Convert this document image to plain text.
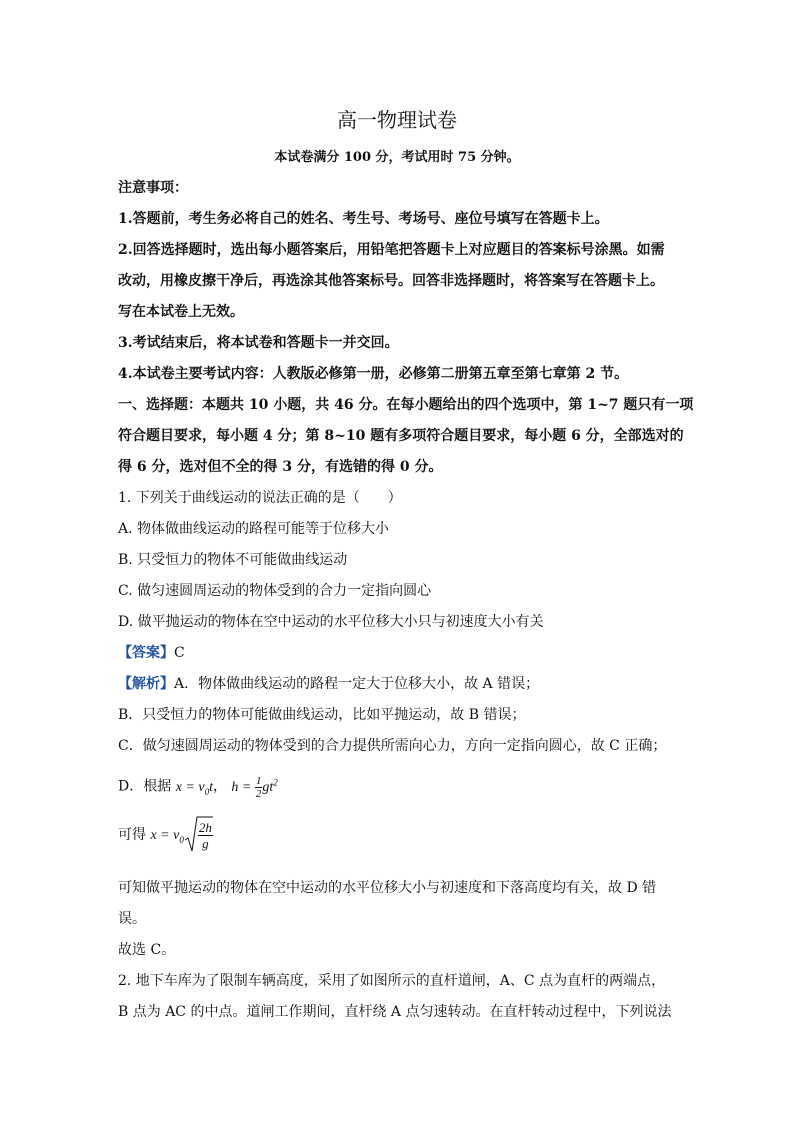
高一物理试卷
本试卷满分 100 分，考试用时 75 分钟。
注意事项：
1.答题前，考生务必将自己的姓名、考生号、考场号、座位号填写在答题卡上。
2.回答选择题时，选出每小题答案后，用铅笔把答题卡上对应题目的答案标号涂黑。如需
改动，用橡皮擦干净后，再选涂其他答案标号。回答非选择题时，将答案写在答题卡上。
写在本试卷上无效。
3.考试结束后，将本试卷和答题卡一并交回。
4.本试卷主要考试内容：人教版必修第一册，必修第二册第五章至第七章第 2 节。
一、选择题：本题共 10 小题，共 46 分。在每小题给出的四个选项中，第 1~7 题只有一项
符合题目要求，每小题 4 分；第 8~10 题有多项符合题目要求，每小题 6 分，全部选对的
得 6 分，选对但不全的得 3 分，有选错的得 0 分。
1. 下列关于曲线运动的说法正确的是（　　）
A. 物体做曲线运动的路程可能等于位移大小
B. 只受恒力的物体不可能做曲线运动
C. 做匀速圆周运动的物体受到的合力一定指向圆心
D. 做平抛运动的物体在空中运动的水平位移大小只与初速度大小有关
【答案】C
【解析】A．物体做曲线运动的路程一定大于位移大小，故 A 错误；
B．只受恒力的物体可能做曲线运动，比如平抛运动，故 B 错误；
C．做匀速圆周运动的物体受到的合力提供所需向心力，方向一定指向圆心，故 C 正确；
D．根据 $x = v_0t$， $h = \frac{1}{2} gt^2$
可得 $x = v_0 \frac{2h}{g}$
可知做平抛运动的物体在空中运动的水平位移大小与初速度和下落高度均有关，故 D 错
误。
故选 C。
2. 地下车库为了限制车辆高度，采用了如图所示的直杆道闸，A、C 点为直杆的两端点，
B 点为 AC 的中点。道闸工作期间，直杆绕 A 点匀速转动。在直杆转动过程中，下列说法
